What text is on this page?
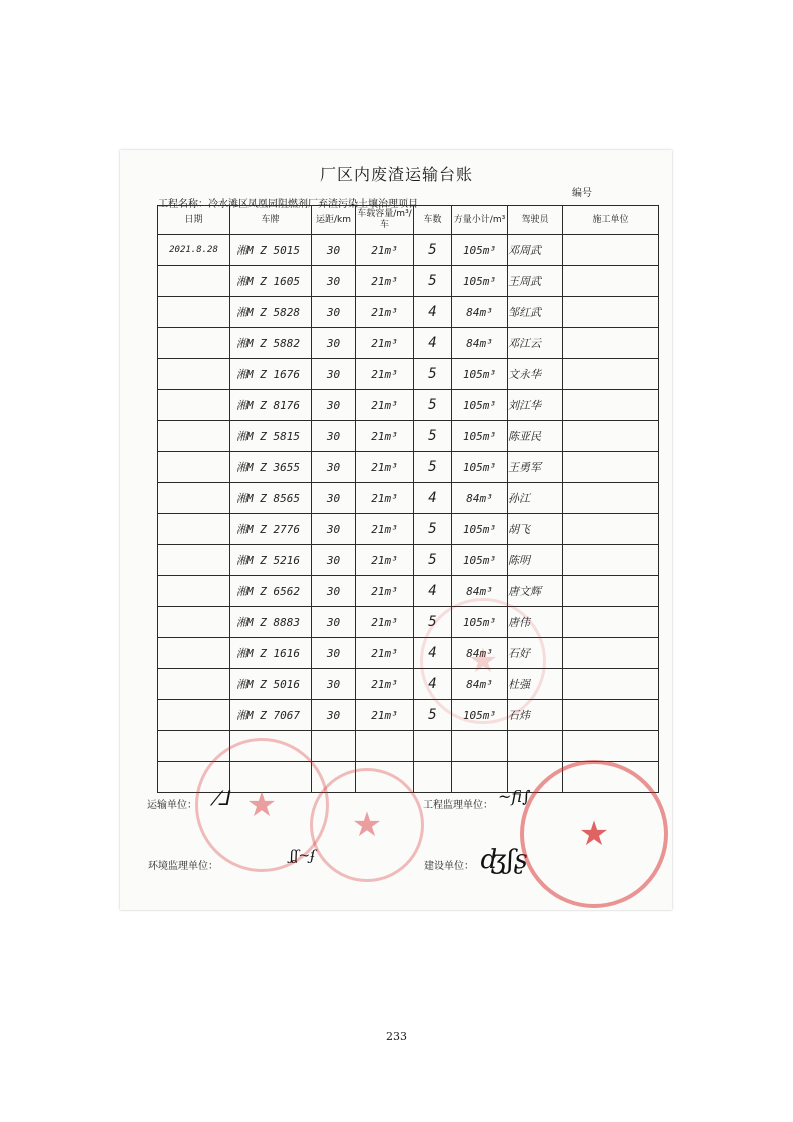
厂区内废渣运输台账
工程名称：冷水滩区凤凰园阻燃剂厂弃渣污染土壤治理项目
编号
日期	车牌	运距/km	车载容量/m³/车	车数	方量小计/m³	驾驶员	施工单位
2021.8.28	湘M Z 5015	30	21m³	5	105m³	邓周武	
	湘M Z 1605	30	21m³	5	105m³	王周武	
	湘M Z 5828	30	21m³	4	84m³	邹红武	
	湘M Z 5882	30	21m³	4	84m³	邓江云	
	湘M Z 1676	30	21m³	5	105m³	文永华	
	湘M Z 8176	30	21m³	5	105m³	刘江华	
	湘M Z 5815	30	21m³	5	105m³	陈亚民	
	湘M Z 3655	30	21m³	5	105m³	王勇军	
	湘M Z 8565	30	21m³	4	84m³	孙江	
	湘M Z 2776	30	21m³	5	105m³	胡飞	
	湘M Z 5216	30	21m³	5	105m³	陈明	
	湘M Z 6562	30	21m³	4	84m³	唐文辉	
	湘M Z 8883	30	21m³	5	105m³	唐伟	
	湘M Z 1616	30	21m³	4	84m³	石好	
	湘M Z 5016	30	21m³	4	84m³	杜强	
	湘M Z 7067	30	21m³	5	105m³	石炜	

运输单位： ⁄⅃	工程监理单位： ~ﬁ∫
环境监理单位：
ʃʆ~ʄ
建设单位： ʤʃʂ
★
★
★
★
233
